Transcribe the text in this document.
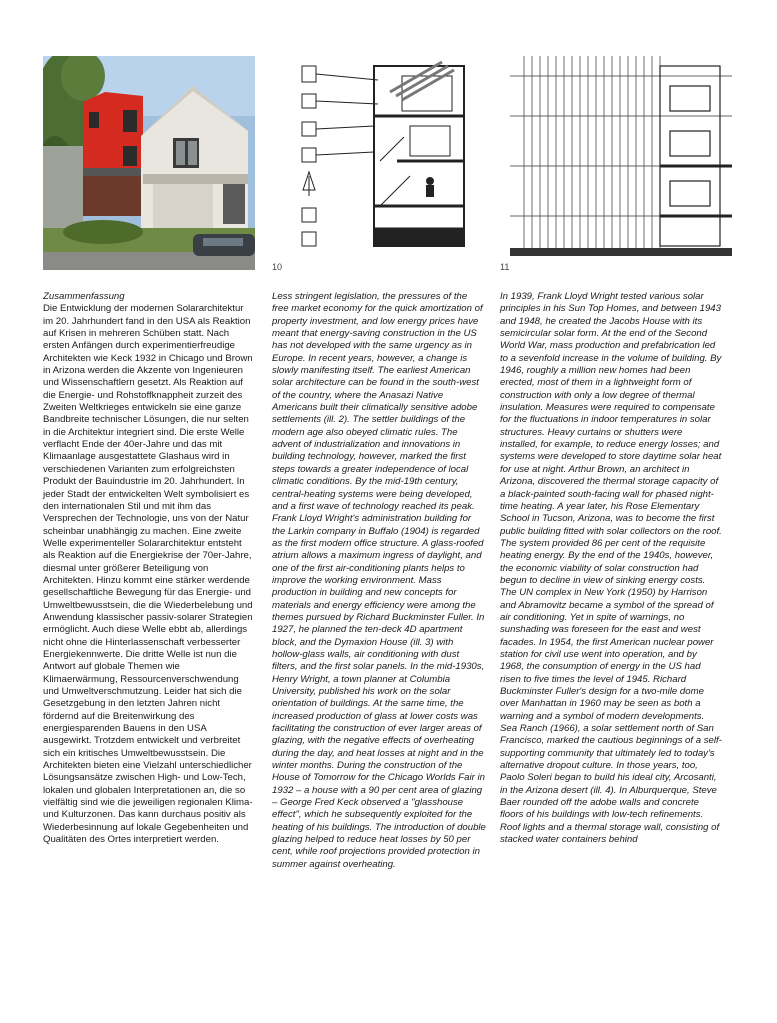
10	11

Zusammenfassung

Die Entwicklung der modernen Solararchitektur im 20. Jahrhundert fand in den USA als Reaktion auf Krisen in mehreren Schüben statt. Nach ersten Anfängen durch experimentierfreudige Architekten wie Keck 1932 in Chicago und Brown in Arizona werden die Akzente von Ingenieuren und Wissenschaftlern gesetzt. Als Reaktion auf die Energie- und Rohstoffknappheit zurzeit des Zweiten Weltkrieges entwickeln sie eine ganze Bandbreite technischer Lösungen, die nur selten in die Architektur integriert sind. Die erste Welle verflacht Ende der 40er-Jahre und das mit Klimaanlage ausgestattete Glashaus wird in verschiedenen Varianten zum erfolgreichsten Produkt der Bauindustrie im 20. Jahrhundert. In jeder Stadt der entwickelten Welt symbolisiert es den internationalen Stil und mit ihm das Versprechen der Technologie, uns von der Natur scheinbar unabhängig zu machen. Eine zweite Welle experimenteller Solararchitektur entsteht als Reaktion auf die Energiekrise der 70er-Jahre, diesmal unter größerer Beteiligung von Architekten. Hinzu kommt eine stärker werdende gesellschaftliche Bewegung für das Energie- und Umweltbewusstsein, die die Wiederbelebung und Anwendung klassischer passiv-solarer Strategien ermöglicht. Auch diese Welle ebbt ab, allerdings nicht ohne die Hinterlassenschaft verbesserter Energiekennwerte. Die dritte Welle ist nun die Antwort auf globale Themen wie Klimaerwärmung, Ressourcenverschwendung und Umweltverschmutzung. Leider hat sich die Gesetzgebung in den letzten Jahren nicht fördernd auf die Breitenwirkung des energiesparenden Bauens in den USA ausgewirkt. Trotzdem entwickelt und verbreitet sich ein kritisches Umweltbewusstsein. Die Architekten bieten eine Vielzahl unterschiedlicher Lösungsansätze zwischen High- und Low-Tech, lokalen und globalen Interpretationen an, die so vielfältig sind wie die jeweiligen regionalen Klima- und Kulturzonen. Das kann durchaus positiv als Wiederbesinnung auf lokale Gegebenheiten und Qualitäten des Ortes interpretiert werden.

Less stringent legislation, the pressures of the free market economy for the quick amortization of property investment, and low energy prices have meant that energy-saving construction in the US has not developed with the same urgency as in Europe. In recent years, however, a change is slowly manifesting itself. The earliest American solar architecture can be found in the south-west of the country, where the Anasazi Native Americans built their climatically sensitive adobe settlements (ill. 2). The settler buildings of the modern age also obeyed climatic rules. The advent of industrialization and innovations in building technology, however, marked the first steps towards a greater independence of local climatic conditions. By the mid-19th century, central-heating systems were being developed, and a first wave of technology reached its peak. Frank Lloyd Wright's administration building for the Larkin company in Buffalo (1904) is regarded as the first modern office structure. A glass-roofed atrium allows a maximum ingress of daylight, and one of the first air-conditioning plants helps to improve the working environment. Mass production in building and new concepts for materials and energy efficiency were among the themes pursued by Richard Buckminster Fuller. In 1927, he planned the ten-deck 4D apartment block, and the Dymaxion House (ill. 3) with hollow-glass walls, air conditioning with dust filters, and the first solar panels. In the mid-1930s, Henry Wright, a town planner at Columbia University, published his work on the solar orientation of buildings. At the same time, the increased production of glass at lower costs was facilitating the construction of ever larger areas of glazing, with the negative effects of overheating during the day, and heat losses at night and in the winter months. During the construction of the House of Tomorrow for the Chicago Worlds Fair in 1932 – a house with a 90 per cent area of glazing – George Fred Keck observed a "glasshouse effect", which he subsequently exploited for the heating of his buildings. The introduction of double glazing helped to reduce heat losses by 50 per cent, while roof projections provided protection in summer against overheating.

In 1939, Frank Lloyd Wright tested various solar principles in his Sun Top Homes, and between 1943 and 1948, he created the Jacobs House with its semicircular solar form. At the end of the Second World War, mass production and prefabrication led to a sevenfold increase in the volume of building. By 1946, roughly a million new homes had been erected, most of them in a lightweight form of construction with only a low degree of thermal insulation. Measures were required to compensate for the fluctuations in indoor temperatures in solar structures. Heavy curtains or shutters were installed, for example, to reduce energy losses; and systems were developed to store daytime solar heat for use at night. Arthur Brown, an architect in Arizona, discovered the thermal storage capacity of a black-painted south-facing wall for phased night-time heating. A year later, his Rose Elementary School in Tucson, Arizona, was to become the first public building fitted with solar collectors on the roof. The system provided 86 per cent of the requisite heating energy. By the end of the 1940s, however, the economic viability of solar construction had begun to decline in view of sinking energy costs. The UN complex in New York (1950) by Harrison and Abramovitz became a symbol of the spread of air conditioning. Yet in spite of warnings, no sunshading was foreseen for the east and west facades. In 1954, the first American nuclear power station for civil use went into operation, and by 1968, the consumption of energy in the US had risen to five times the level of 1945. Richard Buckminster Fuller's design for a two-mile dome over Manhattan in 1960 may be seen as both a warning and a symbol of modern developments. Sea Ranch (1966), a solar settlement north of San Francisco, marked the cautious beginnings of a self-supporting community that ultimately led to today's alternative dropout culture. In those years, too, Paolo Soleri began to build his ideal city, Arcosanti, in the Arizona desert (ill. 4). In Alburquerque, Steve Baer rounded off the adobe walls and concrete floors of his buildings with low-tech refinements. Roof lights and a thermal storage wall, consisting of stacked water containers behind
